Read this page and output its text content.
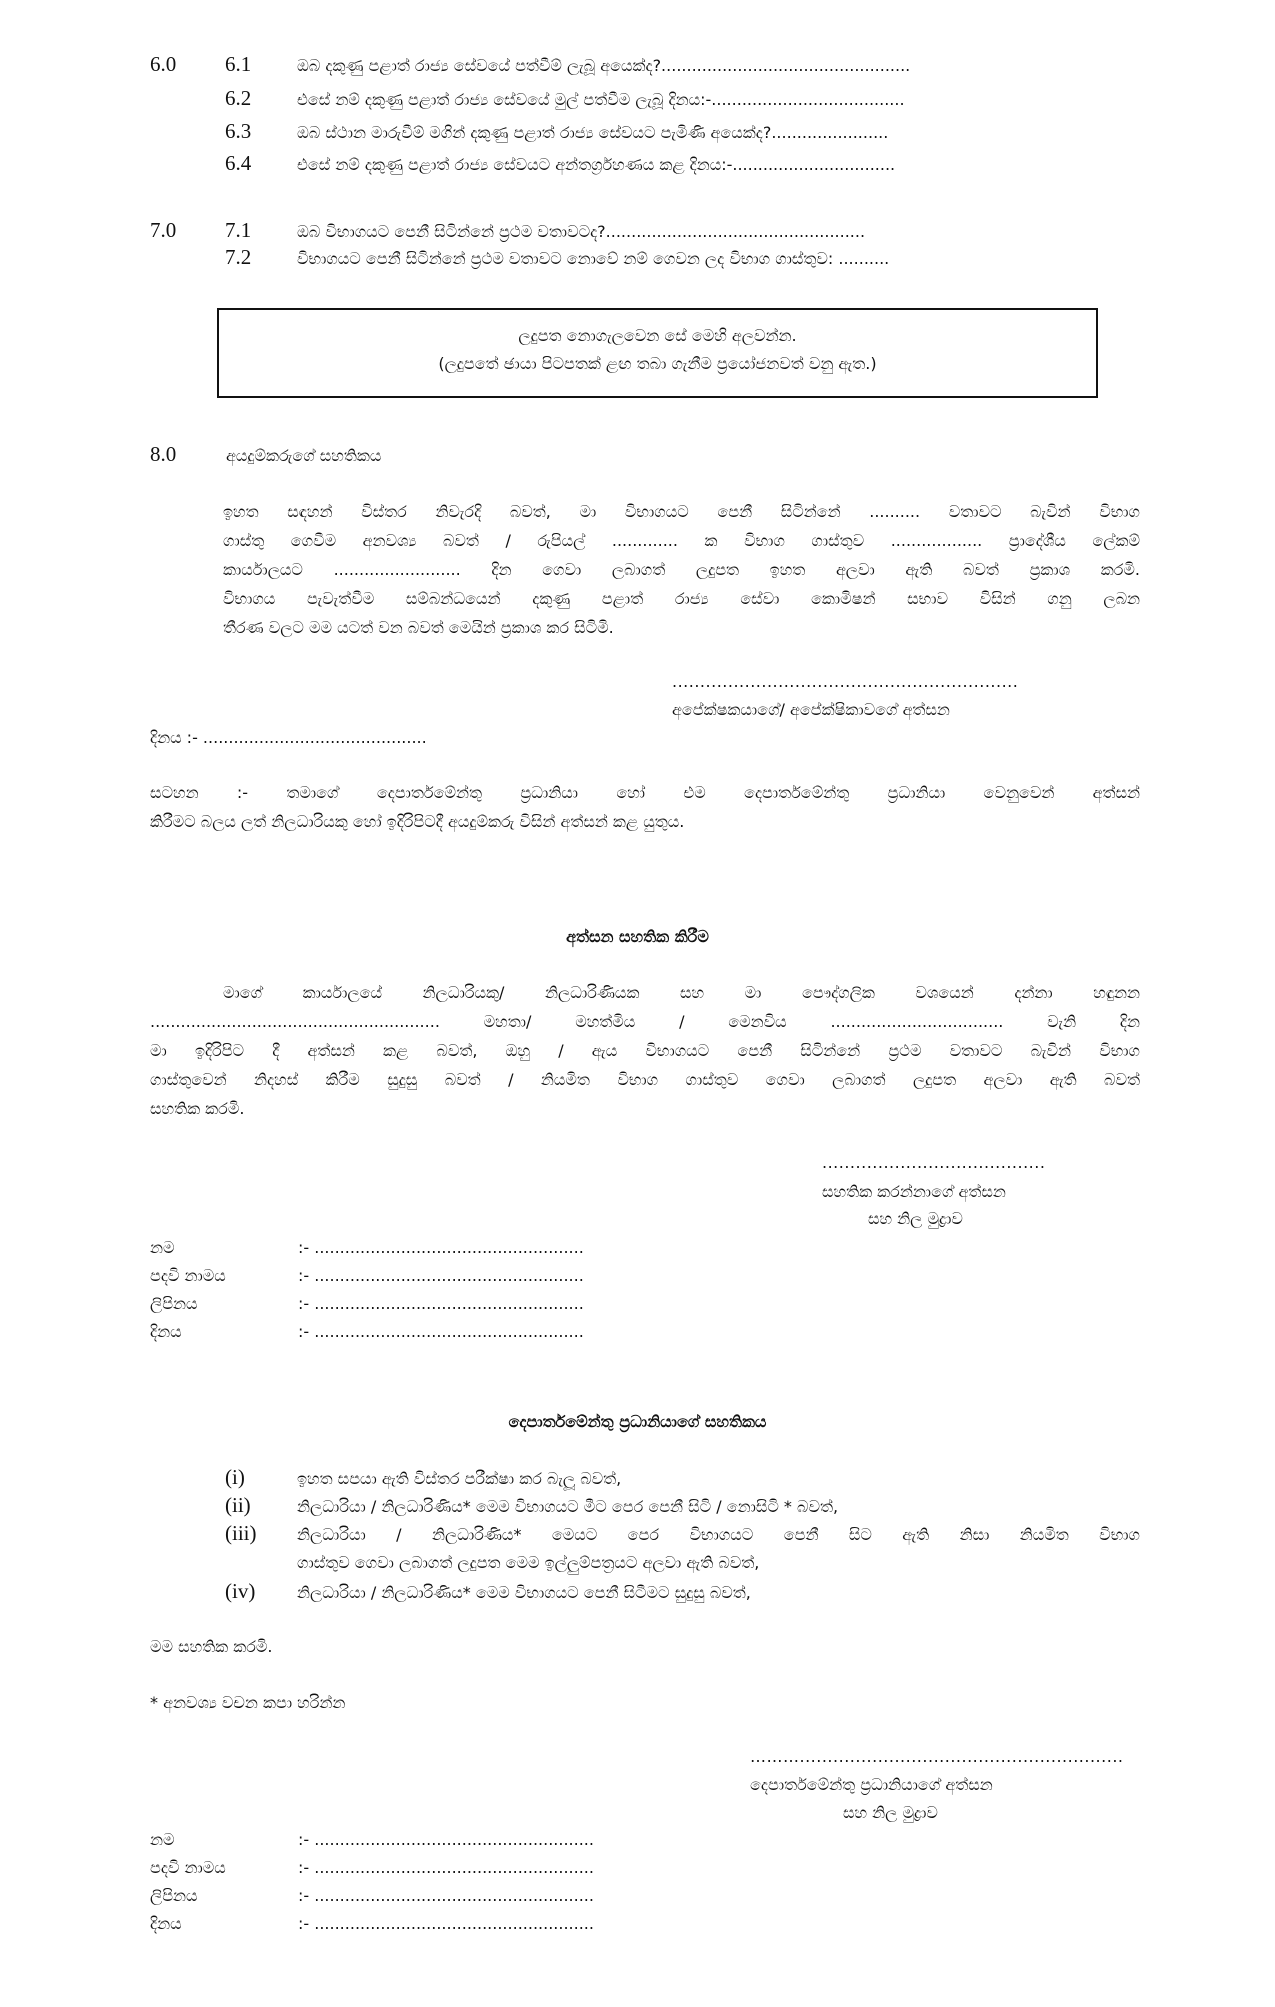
6.0 6.1	ඔබ දකුණු පළාත් රාජ්‍ය සේවයේ පත්වීම් ලැබූ අයෙක්ද?.................................................
6.2	එසේ නම් දකුණු පළාත් රාජ්‍ය සේවයේ මුල් පත්වීම ලැබූ දිනය:-......................................
6.3	ඔබ ස්ථාන මාරුවීම් මගින් දකුණු පළාත් රාජ්‍ය සේවයට පැමිණි අයෙක්ද?.......................
6.4	එසේ නම් දකුණු පළාත් රාජ්‍ය සේවයට අන්තර්ග්‍රහණය කළ දිනය:-................................
7.0 7.1	ඔබ විභාගයට පෙනී සිටින්නේ ප්‍රථම වතාවටද?...................................................
7.2	විභාගයට පෙනී සිටින්නේ ප්‍රථම වතාවට නොවේ නම් ගෙවන ලද විභාග ගාස්තුව: ..........
ලදුපත නොගැලවෙන සේ මෙහි අලවන්න.
(ලදුපතේ ඡායා පිටපතක් ළඟ තබා ගැනීම ප්‍රයෝජනවත් වනු ඇත.)
8.0	අයදුම්කරුගේ සහතිකය
ඉහත සඳහන් විස්තර නිවැරදි බවත්, මා විභාගයට පෙනී සිටින්නේ .......... වතාවට බැවින් විභාග
ගාස්තු ගෙවීම අනවශ්‍ය බවත් / රුපියල් ............. ක විභාග ගාස්තුව .................. ප්‍රාදේශීය ලේකම්
කාර්යාලයට ......................... දින ගෙවා ලබාගත් ලදුපත ඉහත අලවා ඇති බවත් ප්‍රකාශ කරමි.
විභාගය පැවැත්වීම සම්බන්ධයෙන් දකුණු පළාත් රාජ්‍ය සේවා කොමිෂන් සභාව විසින් ගනු ලබන
තීරණ වලට මම යටත් වන බවත් මෙයින් ප්‍රකාශ කර සිටිමි.
..............................................................
අපේක්ෂකයාගේ/ අපේක්ෂිකාවගේ අත්සන
දිනය :- ............................................
සටහන :- තමාගේ දෙපාර්තමේන්තු ප්‍රධානියා හෝ එම දෙපාර්තමේන්තු ප්‍රධානියා වෙනුවෙන් අත්සන්
කිරීමට බලය ලත් නිලධාරියකු හෝ ඉදිරිපිටදී අයදුම්කරු විසින් අත්සන් කළ යුතුය.
අත්සන සහතික කිරීම
මාගේ කාර්යාලයේ නිලධාරියකු/ නිලධාරිණියක සහ මා පෞද්ගලික වශයෙන් දන්නා හඳුනන
......................................................... මහතා/ මහත්මිය / මෙනවිය .................................. වැනි දින
මා ඉදිරිපිට දී අත්සන් කළ බවත්, ඔහු / ඇය විභාගයට පෙනී සිටින්නේ ප්‍රථම වතාවට බැවින් විභාග
ගාස්තුවෙන් නිදහස් කිරීම සුදුසු බවත් / නියමිත විභාග ගාස්තුව ගෙවා ලබාගත් ලදුපත අලවා ඇති බවත්
සහතික කරමි.
........................................
සහතික කරන්නාගේ අත්සන
සහ නිල මුද්‍රාව
නම	:- .....................................................
පදවි නාමය	:- .....................................................
ලිපිනය	:- .....................................................
දිනය	:- .....................................................
දෙපාර්තමේන්තු ප්‍රධානියාගේ සහතිකය
(i)	ඉහත සපයා ඇති විස්තර පරීක්ෂා කර බැලූ බවත්,
(ii)	නිලධාරියා / නිලධාරිණිය* මෙම විභාගයට මීට පෙර පෙනී සිටි / නොසිටි * බවත්,
(iii)	නිලධාරියා / නිලධාරිණිය* මෙයට පෙර විභාගයට පෙනී සිට ඇති නිසා නියමිත විභාග
ගාස්තුව ගෙවා ලබාගත් ලදුපත මෙම ඉල්ලුම්පත්‍රයට අලවා ඇති බවත්,
(iv)	නිලධාරියා / නිලධාරිණිය* මෙම විභාගයට පෙනී සිටීමට සුදුසු බවත්,
මම සහතික කරමි.
* අනවශ්‍ය වචන කපා හරින්න
………..........................................................
දෙපාර්තමේන්තු ප්‍රධානියාගේ අත්සන
සහ නිල මුද්‍රාව
නම	:- .......................................................
පදවි නාමය	:- .......................................................
ලිපිනය	:- .......................................................
දිනය	:- .......................................................
